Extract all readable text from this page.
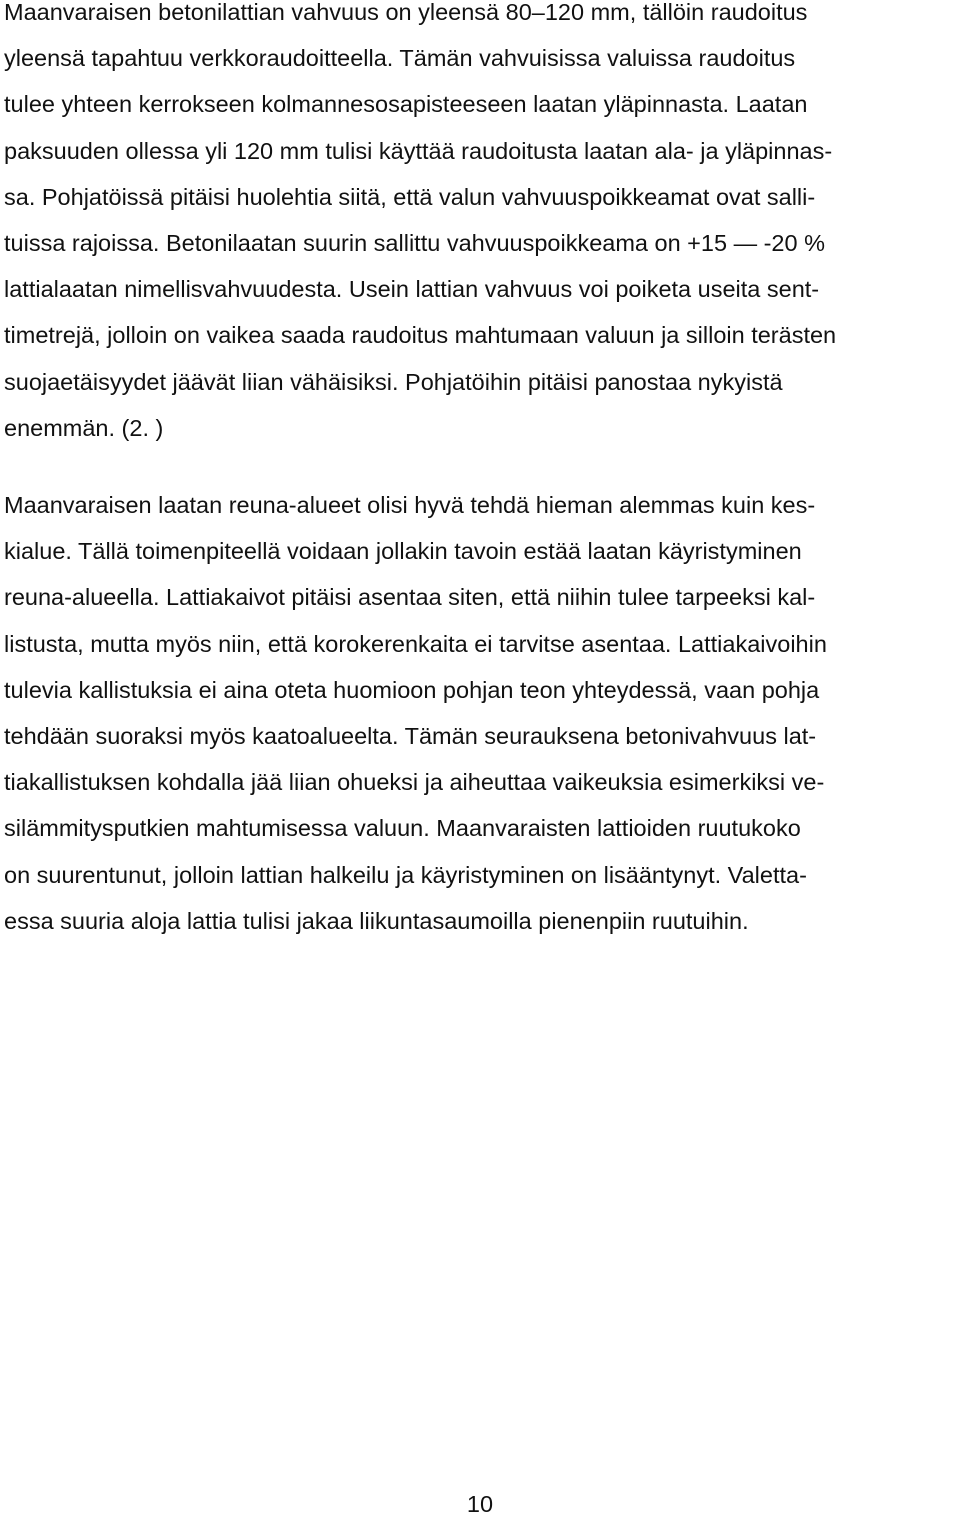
Maanvaraisen betonilattian vahvuus on yleensä 80–120 mm, tällöin raudoitus
yleensä tapahtuu verkkoraudoitteella. Tämän vahvuisissa valuissa raudoitus
tulee yhteen kerrokseen kolmannesosapisteeseen laatan yläpinnasta. Laatan
paksuuden ollessa yli 120 mm tulisi käyttää raudoitusta laatan ala- ja yläpinnas-
sa. Pohjatöissä pitäisi huolehtia siitä, että valun vahvuuspoikkeamat ovat salli-
tuissa rajoissa. Betonilaatan suurin sallittu vahvuuspoikkeama on +15 — -20 %
lattialaatan nimellisvahvuudesta. Usein lattian vahvuus voi poiketa useita sent-
timetrejä, jolloin on vaikea saada raudoitus mahtumaan valuun ja silloin terästen
suojaetäisyydet jäävät liian vähäisiksi. Pohjatöihin pitäisi panostaa nykyistä
enemmän. (2. )
Maanvaraisen laatan reuna-alueet olisi hyvä tehdä hieman alemmas kuin kes-
kialue. Tällä toimenpiteellä voidaan jollakin tavoin estää laatan käyristyminen
reuna-alueella. Lattiakaivot pitäisi asentaa siten, että niihin tulee tarpeeksi kal-
listusta, mutta myös niin, että korokerenkaita ei tarvitse asentaa. Lattiakaivoihin
tulevia kallistuksia ei aina oteta huomioon pohjan teon yhteydessä, vaan pohja
tehdään suoraksi myös kaatoalueelta. Tämän seurauksena betonivahvuus lat-
tiakallistuksen kohdalla jää liian ohueksi ja aiheuttaa vaikeuksia esimerkiksi ve-
silämmitysputkien mahtumisessa valuun. Maanvaraisten lattioiden ruutukoko
on suurentunut, jolloin lattian halkeilu ja käyristyminen on lisääntynyt. Valetta-
essa suuria aloja lattia tulisi jakaa liikuntasaumoilla pienenpiin ruutuihin.
10
